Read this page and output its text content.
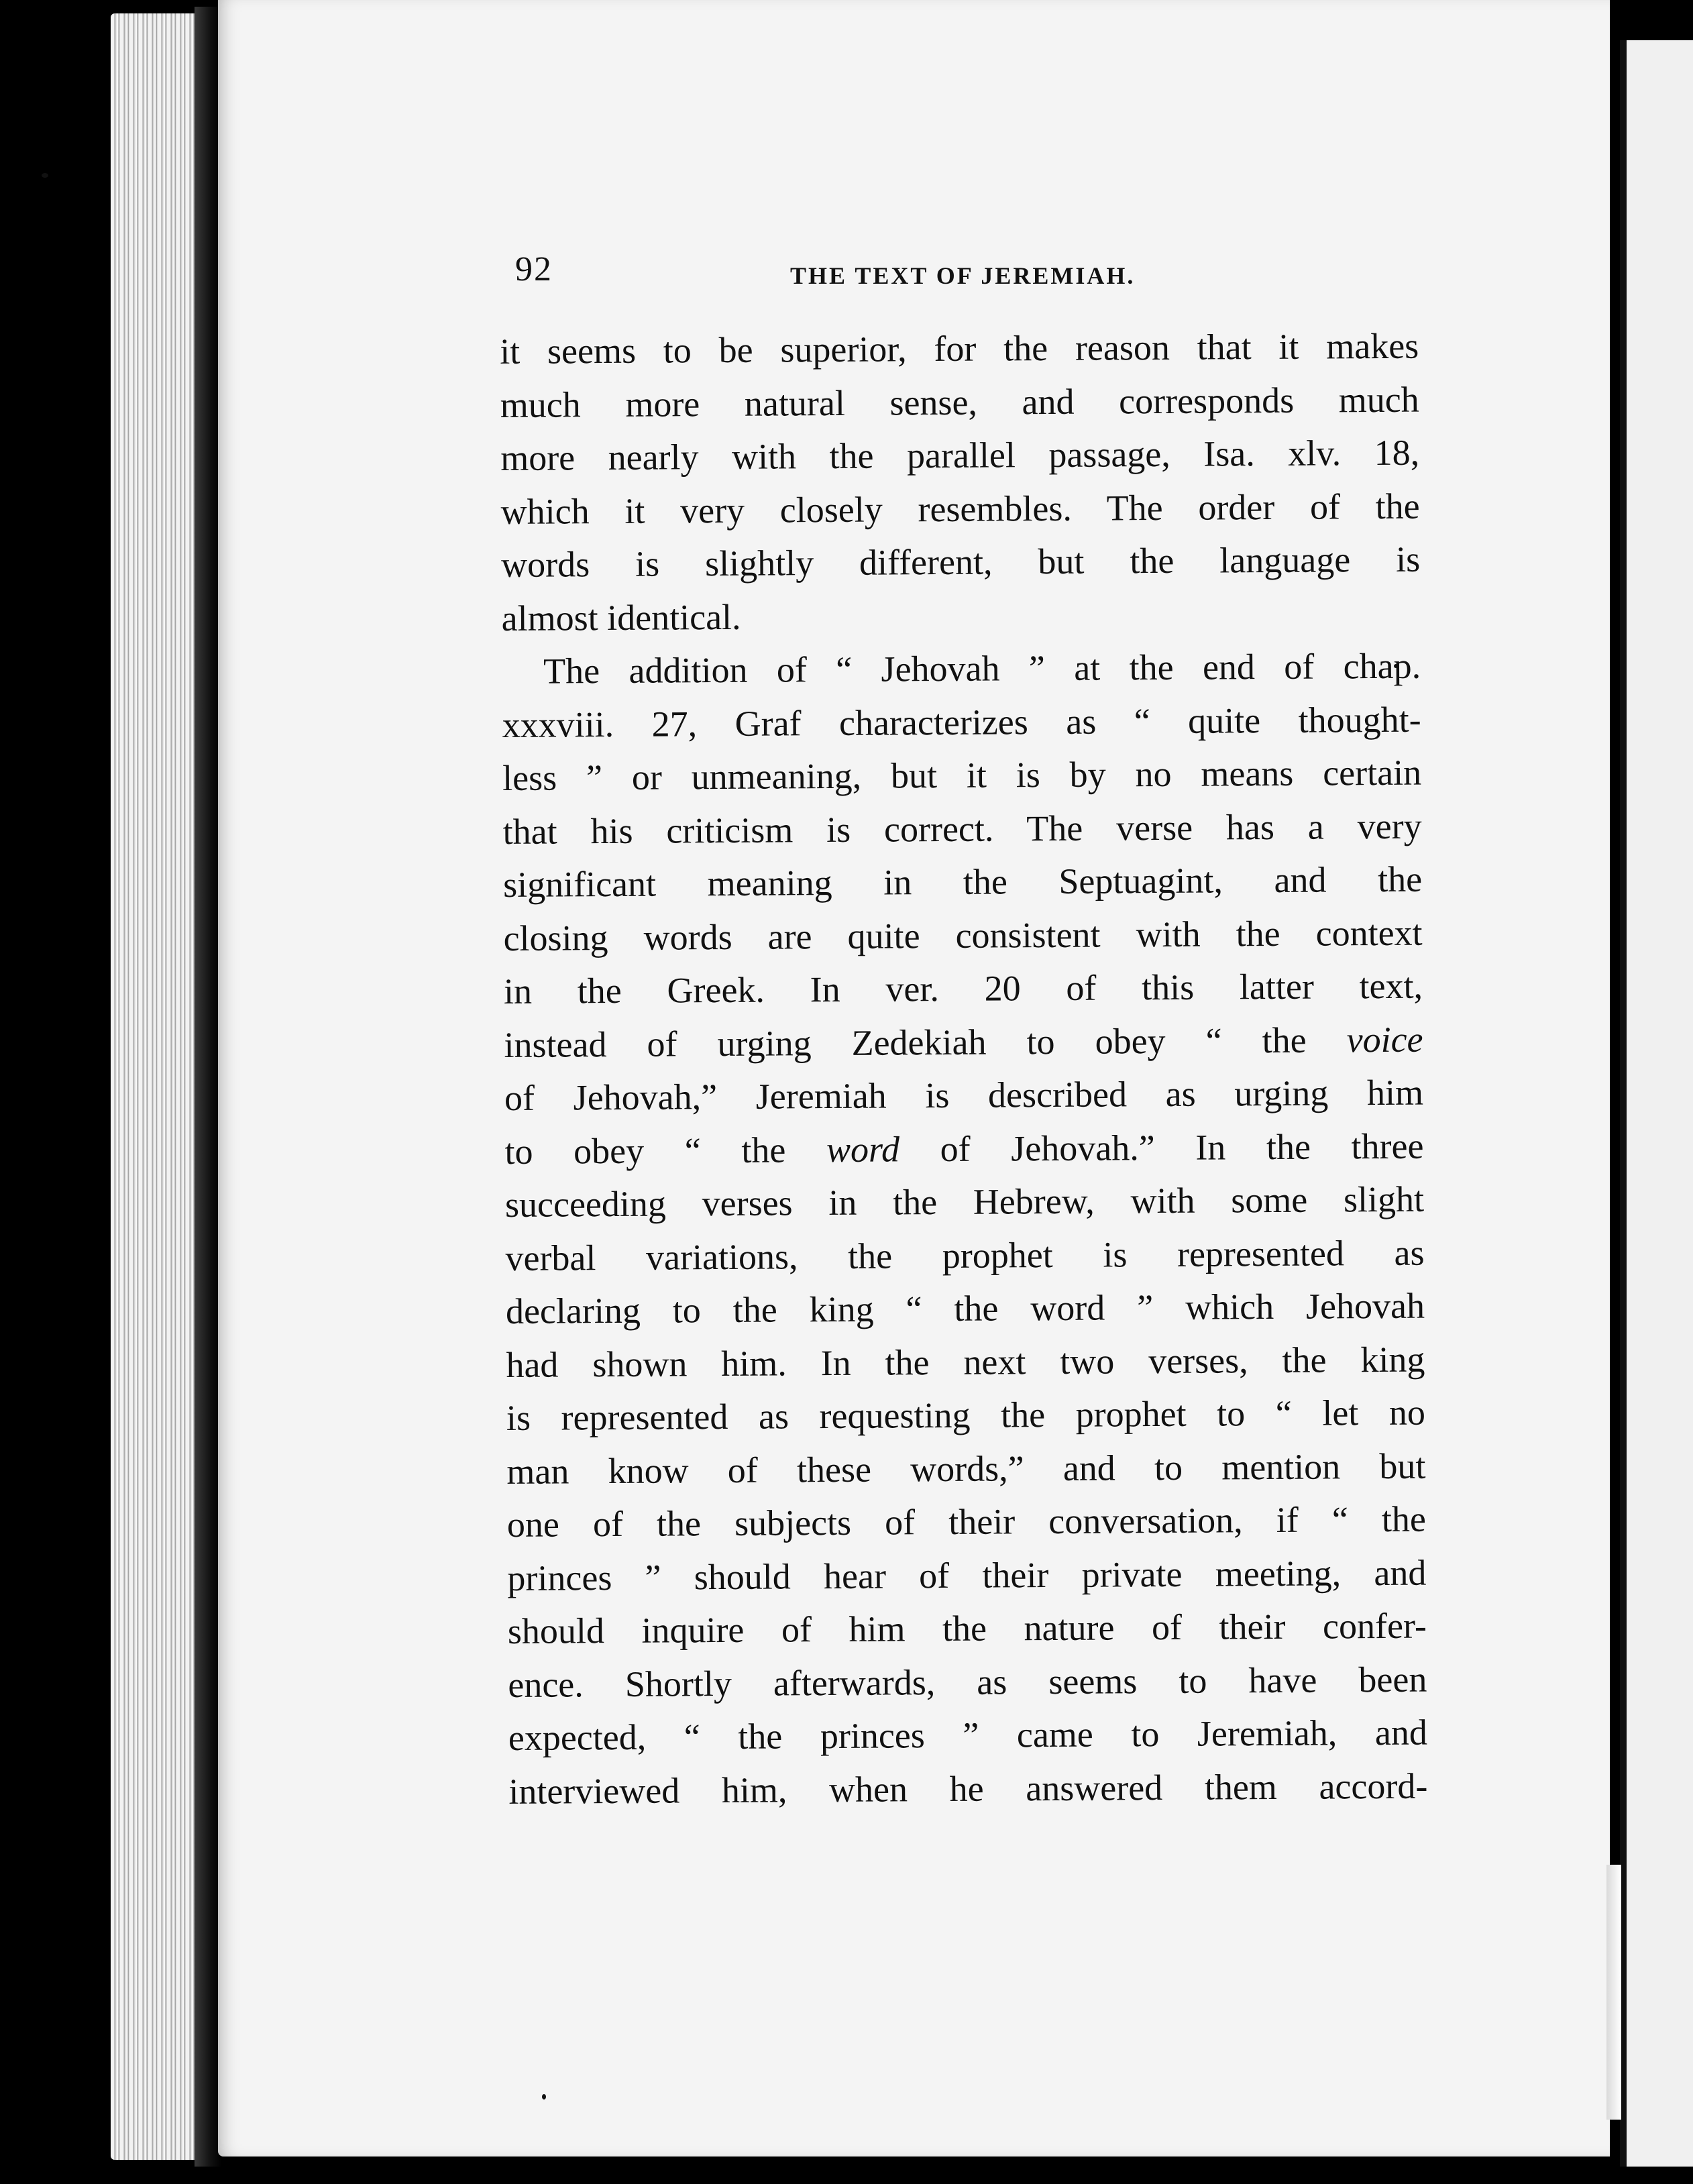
92	THE TEXT OF JEREMIAH.
it seems to be superior, for the reason that it makes
much more natural sense, and corresponds much
more nearly with the parallel passage, Isa. xlv. 18,
which it very closely resembles. The order of the
words is slightly different, but the language is
almost identical.
The addition of “ Jehovah ” at the end of chap.
xxxviii. 27, Graf characterizes as “ quite thought-
less ” or unmeaning, but it is by no means certain
that his criticism is correct. The verse has a very
significant meaning in the Septuagint, and the
closing words are quite consistent with the context
in the Greek. In ver. 20 of this latter text,
instead of urging Zedekiah to obey “ the voice
of Jehovah,” Jeremiah is described as urging him
to obey “ the word of Jehovah.” In the three
succeeding verses in the Hebrew, with some slight
verbal variations, the prophet is represented as
declaring to the king “ the word ” which Jehovah
had shown him. In the next two verses, the king
is represented as requesting the prophet to “ let no
man know of these words,” and to mention but
one of the subjects of their conversation, if “ the
princes ” should hear of their private meeting, and
should inquire of him the nature of their confer-
ence. Shortly afterwards, as seems to have been
expected, “ the princes ” came to Jeremiah, and
interviewed him, when he answered them accord-
